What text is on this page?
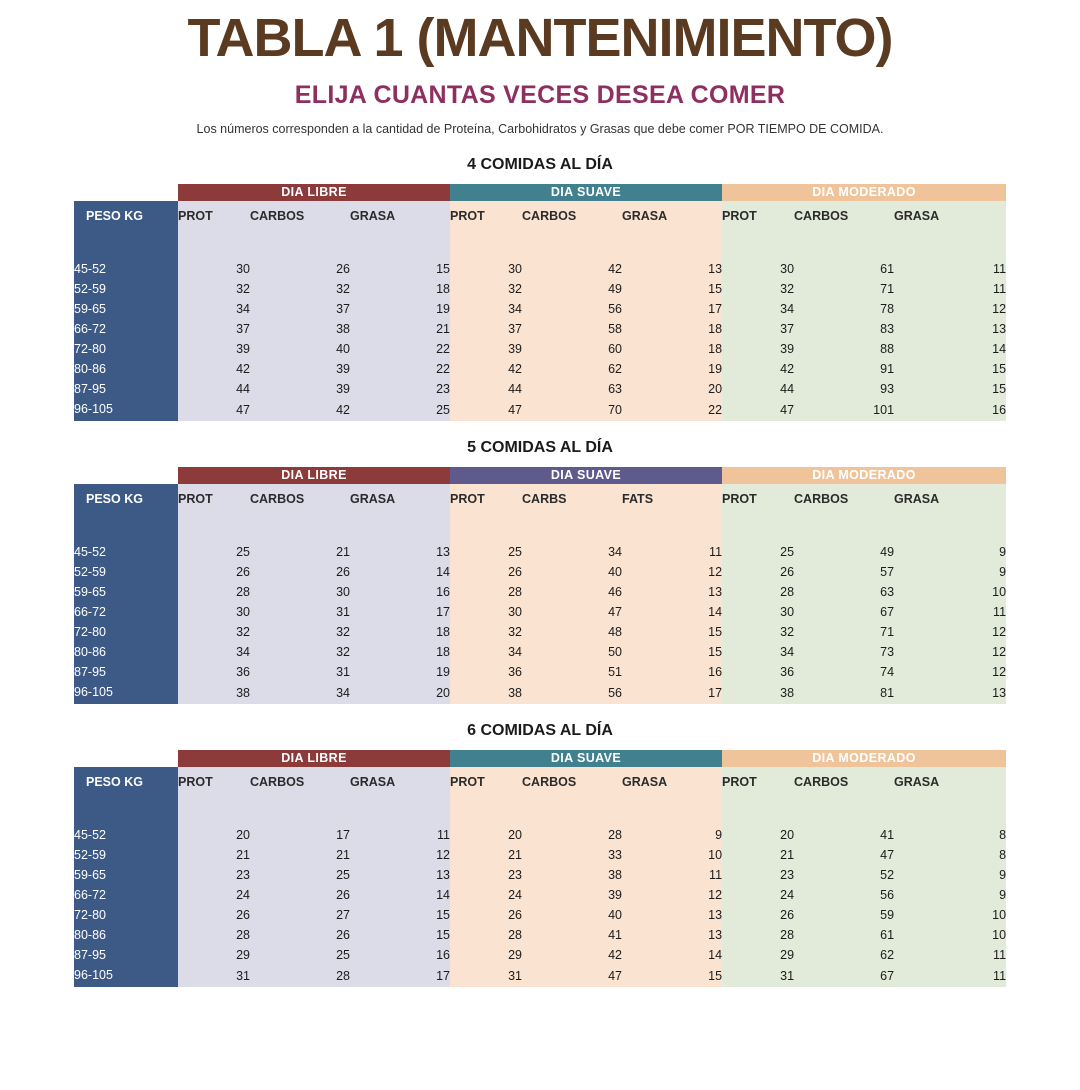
TABLA 1 (MANTENIMIENTO)
ELIJA CUANTAS VECES DESEA COMER

Los números corresponden a la cantidad de Proteína, Carbohidratos y Grasas que debe comer POR TIEMPO DE COMIDA.

4 COMIDAS AL DÍA
	DIA LIBRE			DIA SUAVE			DIA MODERADO		
PESO KG	PROT	CARBOS	GRASA	PROT	CARBOS	GRASA	PROT	CARBOS	GRASA

45-52	30	26	15	30	42	13	30	61	11
52-59	32	32	18	32	49	15	32	71	11
59-65	34	37	19	34	56	17	34	78	12
66-72	37	38	21	37	58	18	37	83	13
72-80	39	40	22	39	60	18	39	88	14
80-86	42	39	22	42	62	19	42	91	15
87-95	44	39	23	44	63	20	44	93	15
96-105	47	42	25	47	70	22	47	101	16
5 COMIDAS AL DÍA
	DIA LIBRE			DIA SUAVE			DIA MODERADO		
PESO KG	PROT	CARBOS	GRASA	PROT	CARBS	FATS	PROT	CARBOS	GRASA

45-52	25	21	13	25	34	11	25	49	9
52-59	26	26	14	26	40	12	26	57	9
59-65	28	30	16	28	46	13	28	63	10
66-72	30	31	17	30	47	14	30	67	11
72-80	32	32	18	32	48	15	32	71	12
80-86	34	32	18	34	50	15	34	73	12
87-95	36	31	19	36	51	16	36	74	12
96-105	38	34	20	38	56	17	38	81	13
6 COMIDAS AL DÍA
	DIA LIBRE			DIA SUAVE			DIA MODERADO		
PESO KG	PROT	CARBOS	GRASA	PROT	CARBOS	GRASA	PROT	CARBOS	GRASA

45-52	20	17	11	20	28	9	20	41	8
52-59	21	21	12	21	33	10	21	47	8
59-65	23	25	13	23	38	11	23	52	9
66-72	24	26	14	24	39	12	24	56	9
72-80	26	27	15	26	40	13	26	59	10
80-86	28	26	15	28	41	13	28	61	10
87-95	29	25	16	29	42	14	29	62	11
96-105	31	28	17	31	47	15	31	67	11
